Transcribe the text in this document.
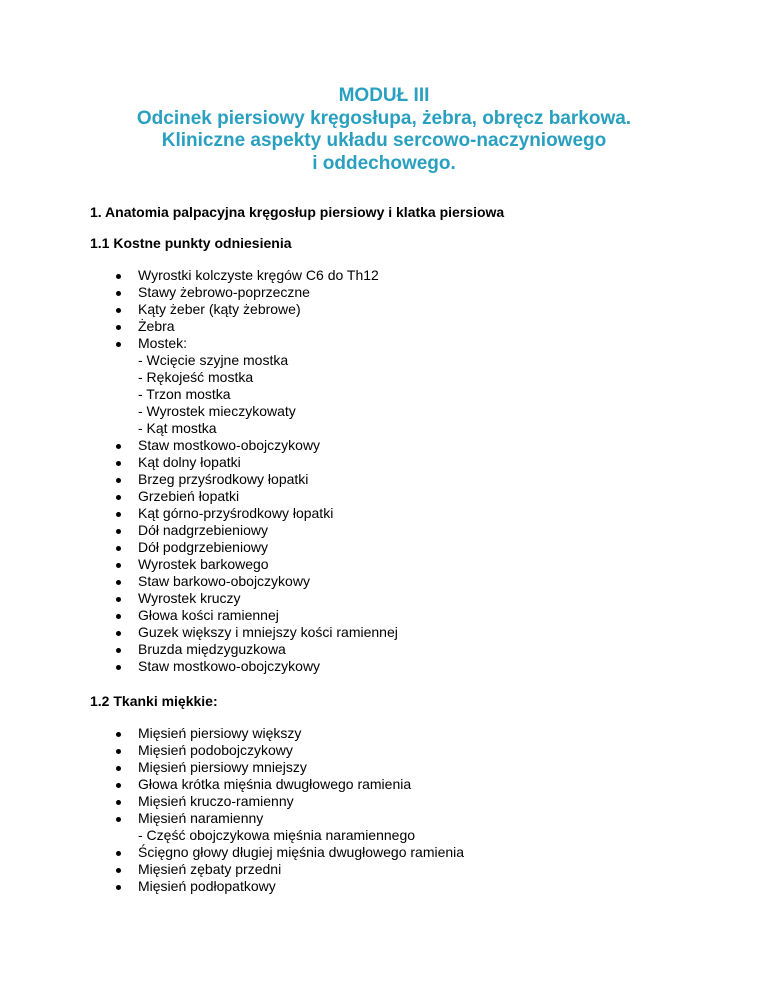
MODUŁ III
Odcinek piersiowy kręgosłupa, żebra, obręcz barkowa.
Kliniczne aspekty układu sercowo-naczyniowego
i oddechowego.

1. Anatomia palpacyjna kręgosłup piersiowy i klatka piersiowa

1.1 Kostne punkty odniesienia

Wyrostki kolczyste kręgów C6 do Th12
Stawy żebrowo-poprzeczne
Kąty żeber (kąty żebrowe)
Żebra
Mostek:
- Wcięcie szyjne mostka
- Rękojeść mostka
- Trzon mostka
- Wyrostek mieczykowaty
- Kąt mostka
Staw mostkowo-obojczykowy
Kąt dolny łopatki
Brzeg przyśrodkowy łopatki
Grzebień łopatki
Kąt górno-przyśrodkowy łopatki
Dół nadgrzebieniowy
Dół podgrzebieniowy
Wyrostek barkowego
Staw barkowo-obojczykowy
Wyrostek kruczy
Głowa kości ramiennej
Guzek większy i mniejszy kości ramiennej
Bruzda międzyguzkowa
Staw mostkowo-obojczykowy

1.2 Tkanki miękkie:

Mięsień piersiowy większy
Mięsień podobojczykowy
Mięsień piersiowy mniejszy
Głowa krótka mięśnia dwugłowego ramienia
Mięsień kruczo-ramienny
Mięsień naramienny
- Część obojczykowa mięśnia naramiennego
Ścięgno głowy długiej mięśnia dwugłowego ramienia
Mięsień zębaty przedni
Mięsień podłopatkowy
